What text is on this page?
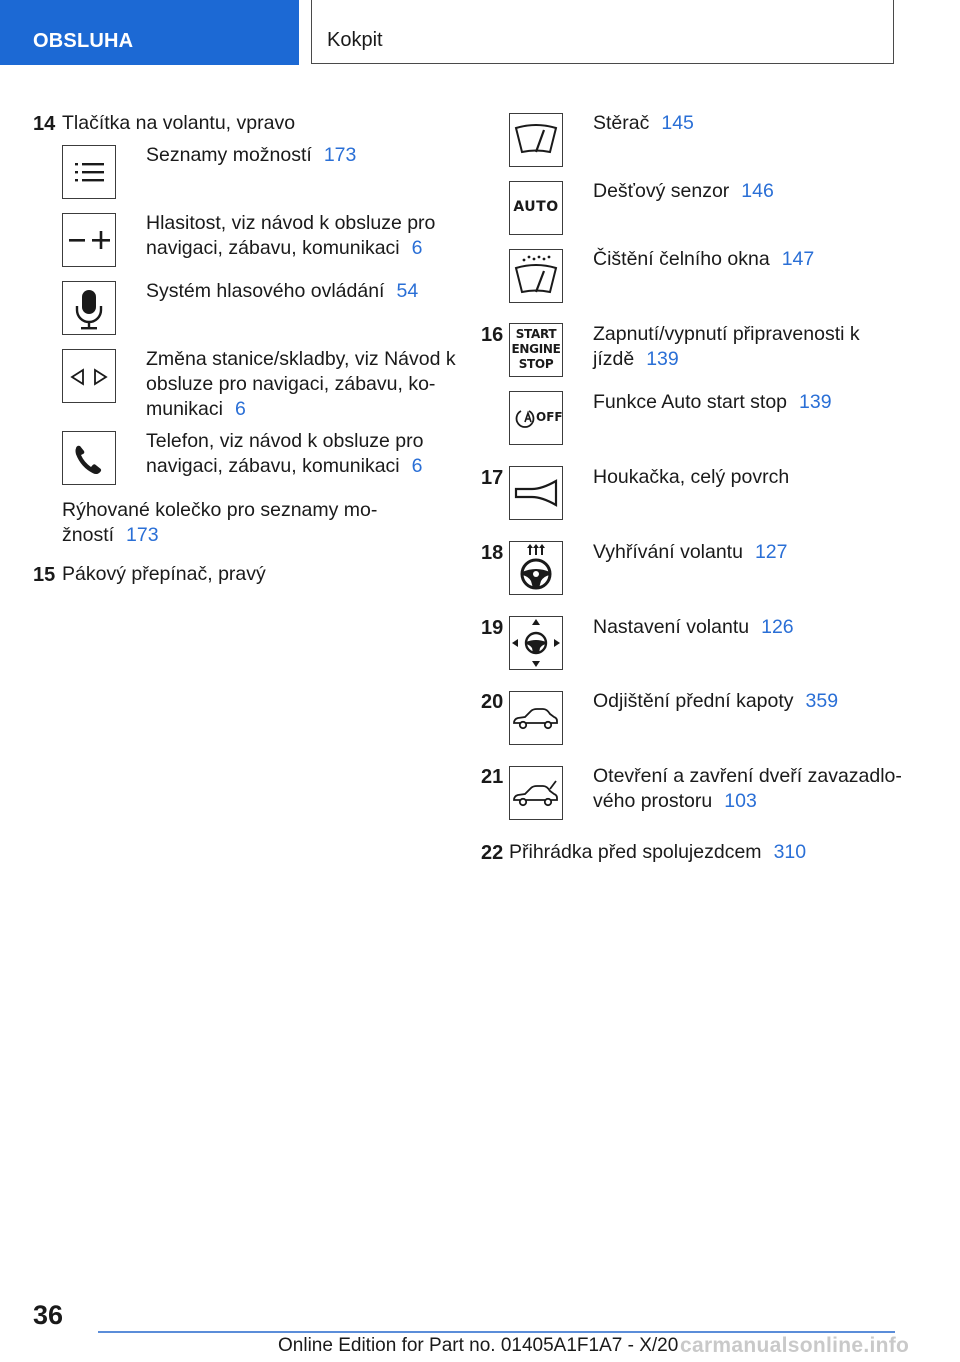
OBSLUHA	Kokpit
14 Tlačítka na volantu, vpravo
Seznamy možností 173
Hlasitost, viz návod k obsluze pro
navigaci, zábavu, komunikaci 6
Systém hlasového ovládání 54
Změna stanice/skladby, viz Návod k
obsluze pro navigaci, zábavu, ko-
munikaci 6
Telefon, viz návod k obsluze pro
navigaci, zábavu, komunikaci 6
Rýhované kolečko pro seznamy mo-
žností 173
15 Pákový přepínač, pravý
Stěrač 145
AUTO
Dešťový senzor 146
Čištění čelního okna 147
16	START
ENGINE
STOP
Zapnutí/vypnutí připravenosti k
jízdě 139
OFF
Funkce Auto start stop 139
17	Houkačka, celý povrch
18	Vyhřívání volantu 127
19	Nastavení volantu 126
20	Odjištění přední kapoty 359
21	Otevření a zavření dveří zavazadlo-
vého prostoru 103
22 Přihrádka před spolujezdcem 310
36
Online Edition for Part no. 01405A1F1A7 - X/20 carmanualsonline.info
